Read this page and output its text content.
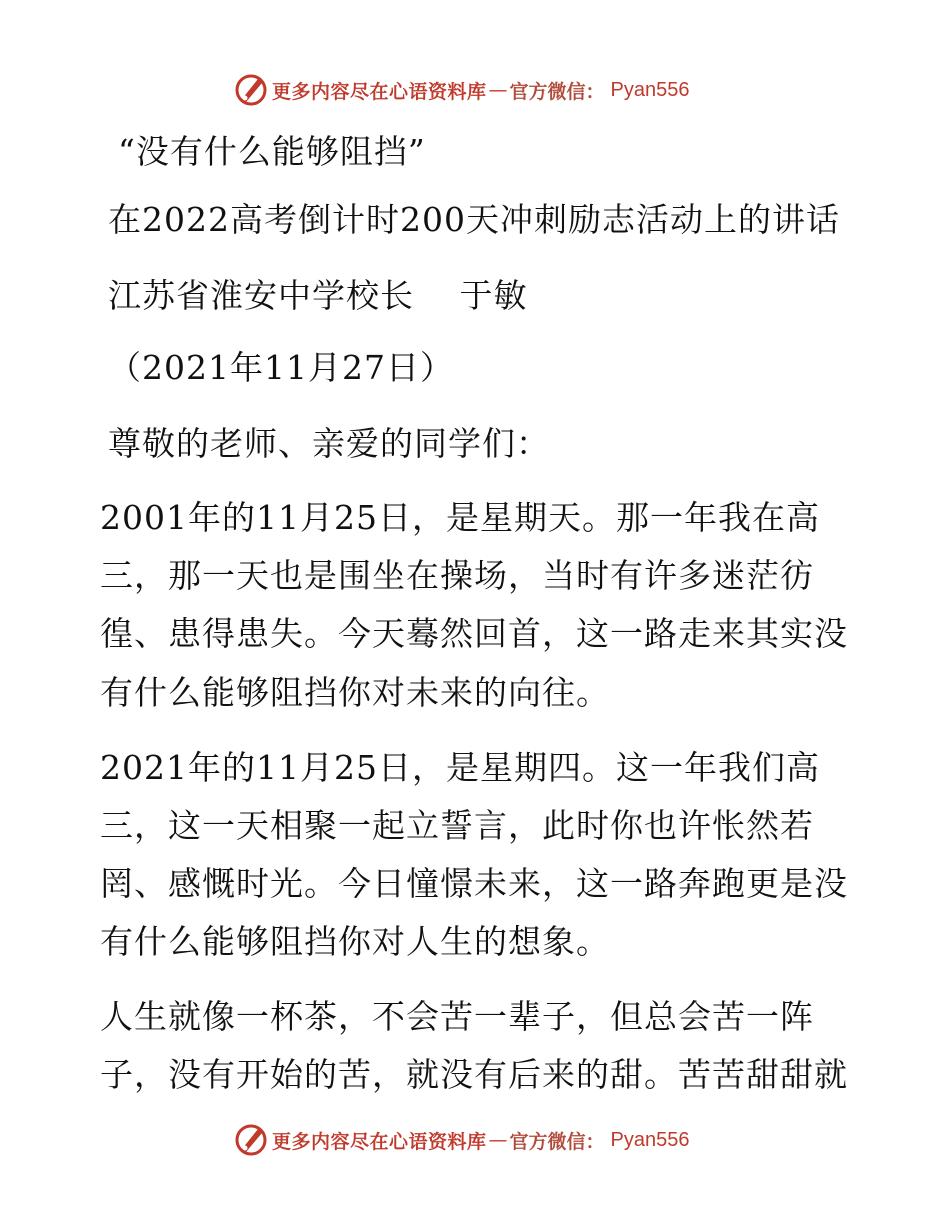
更多内容尽在心语资料库 — 官方微信： Pyan556
“没有什么能够阻挡”
在2022高考倒计时200天冲刺励志活动上的讲话
江苏省淮安中学校长　 于敏
（2021年11月27日）
尊敬的老师、亲爱的同学们：
2001年的11月25日，是星期天。那一年我在高
三，那一天也是围坐在操场，当时有许多迷茫彷
徨、患得患失。今天蓦然回首，这一路走来其实没
有什么能够阻挡你对未来的向往。
2021年的11月25日，是星期四。这一年我们高
三，这一天相聚一起立誓言，此时你也许怅然若
罔、感慨时光。今日憧憬未来，这一路奔跑更是没
有什么能够阻挡你对人生的想象。
人生就像一杯茶，不会苦一辈子，但总会苦一阵
子，没有开始的苦，就没有后来的甜。苦苦甜甜就
更多内容尽在心语资料库 — 官方微信： Pyan556
